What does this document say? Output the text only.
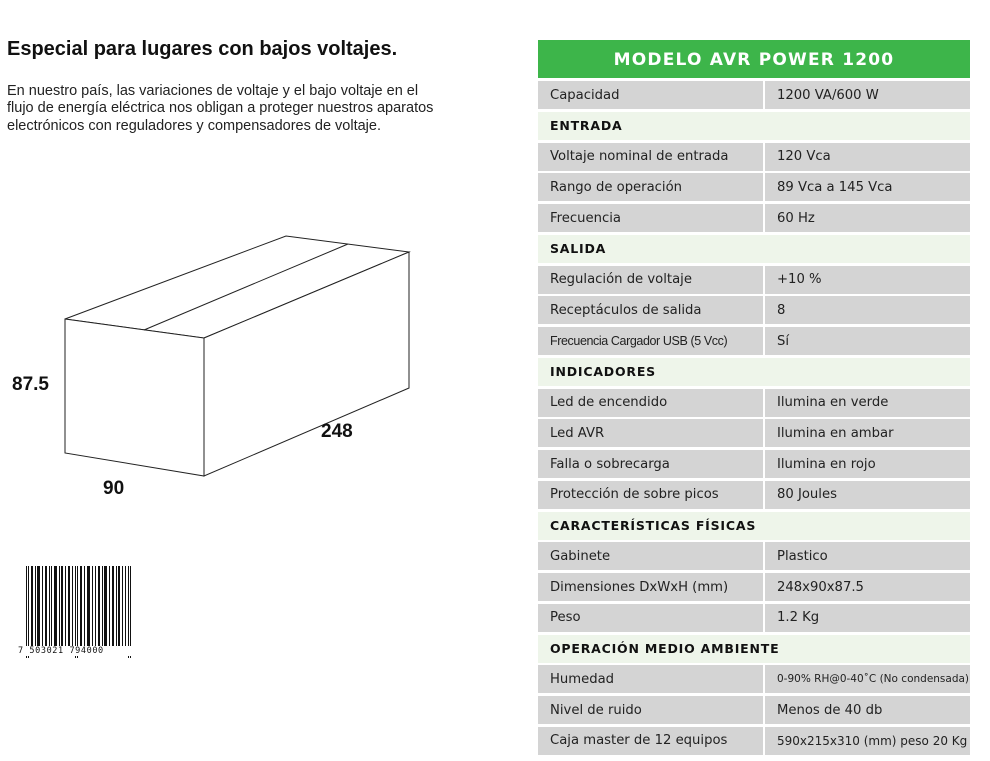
Especial para lugares con bajos voltajes.

En nuestro país, las variaciones de voltaje y el bajo voltaje en el flujo de energía eléctrica nos obligan a proteger nuestros aparatos electrónicos con reguladores y compensadores de voltaje.

87.5
248
90
7 503021 794000
MODELO AVR POWER 1200
Capacidad	1200 VA/600 W
ENTRADA
Voltaje nominal de entrada	120 Vca
Rango de operación	89 Vca a 145 Vca
Frecuencia	60 Hz
SALIDA
Regulación de voltaje	+10 %
Receptáculos de salida	8
Frecuencia Cargador USB (5 Vcc)	Sí
INDICADORES
Led de encendido	Ilumina en verde
Led AVR	Ilumina en ambar
Falla o sobrecarga	Ilumina en rojo
Protección de sobre picos	80 Joules
CARACTERÍSTICAS FÍSICAS
Gabinete	Plastico
Dimensiones DxWxH (mm)	248x90x87.5
Peso	1.2 Kg
OPERACIÓN MEDIO AMBIENTE
Humedad	0-90% RH@0-40˚C (No condensada)
Nivel de ruido	Menos de 40 db
Caja master de 12 equipos	590x215x310 (mm) peso 20 Kg
